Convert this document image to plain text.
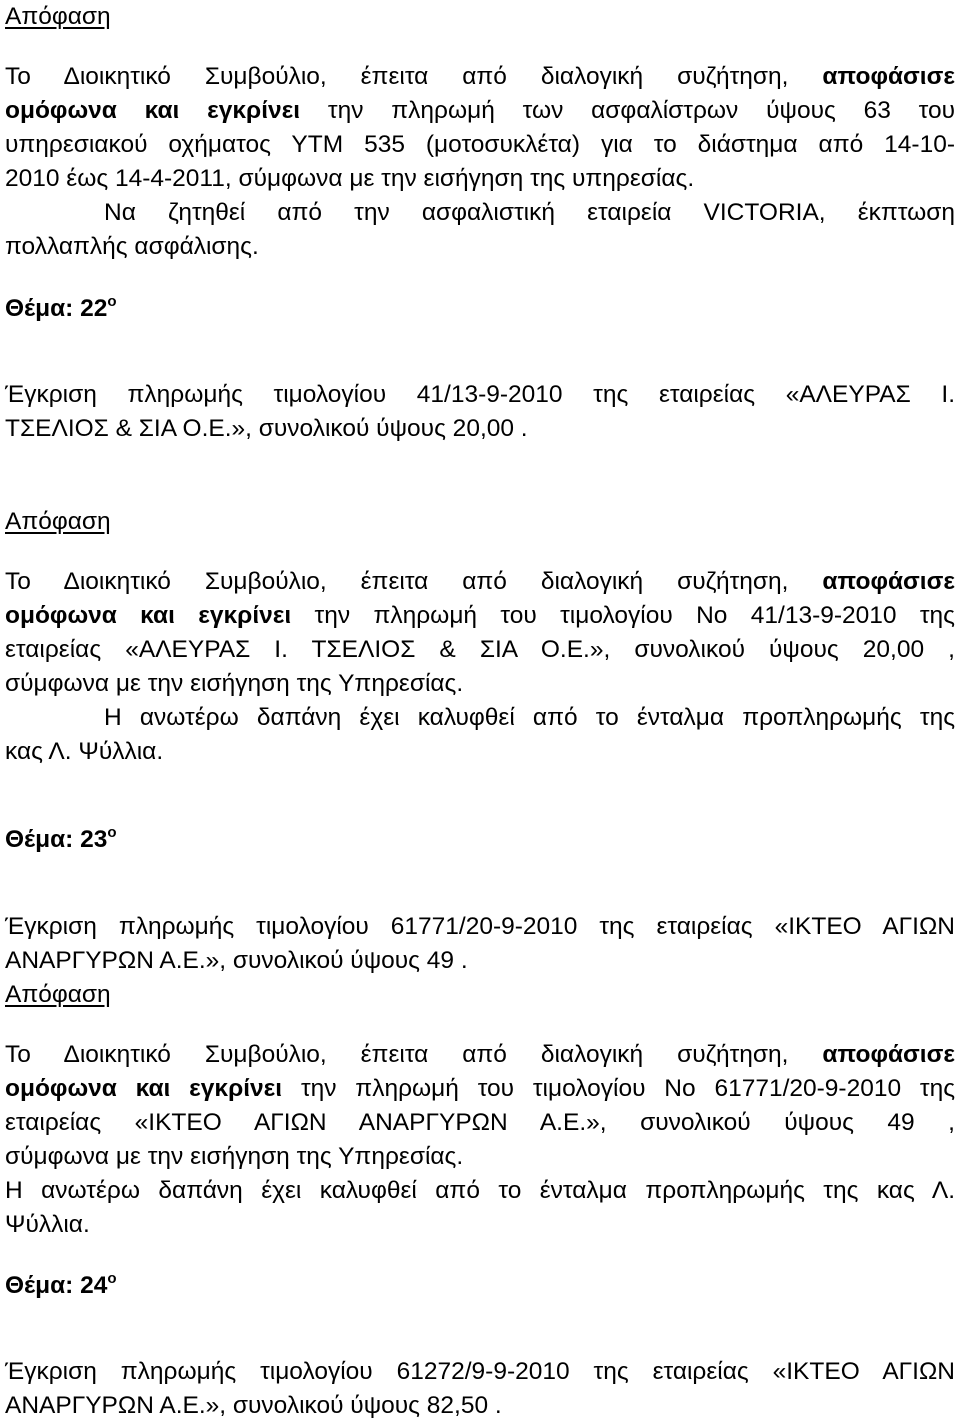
Απόφαση
Το Διοικητικό Συμβούλιο, έπειτα από διαλογική συζήτηση, αποφάσισε
ομόφωνα και εγκρίνει την πληρωμή των ασφαλίστρων ύψους 63 του
υπηρεσιακού οχήματος ΥΤΜ 535 (μοτοσυκλέτα) για το διάστημα από 14-10-
2010 έως 14-4-2011, σύμφωνα με την εισήγηση της υπηρεσίας.
Να ζητηθεί από την ασφαλιστική εταιρεία VICTORIA, έκπτωση
πολλαπλής ασφάλισης.
Θέμα: $22^o$
Έγκριση πληρωμής τιμολογίου 41/13-9-2010 της εταιρείας «ΑΛΕΥΡΑΣ Ι.
ΤΣΕΛΙΟΣ & ΣΙΑ Ο.Ε.», συνολικού ύψους 20,00 .
Απόφαση
Το Διοικητικό Συμβούλιο, έπειτα από διαλογική συζήτηση, αποφάσισε
ομόφωνα και εγκρίνει την πληρωμή του τιμολογίου Νο 41/13-9-2010 της
εταιρείας «ΑΛΕΥΡΑΣ Ι. ΤΣΕΛΙΟΣ & ΣΙΑ Ο.Ε.», συνολικού ύψους 20,00 ,
σύμφωνα με την εισήγηση της Υπηρεσίας.
Η ανωτέρω δαπάνη έχει καλυφθεί από το ένταλμα προπληρωμής της
κας Λ. Ψύλλια.
Θέμα: $23^o$
Έγκριση πληρωμής τιμολογίου 61771/20-9-2010 της εταιρείας «ΙΚΤΕΟ ΑΓΙΩΝ
ΑΝΑΡΓΥΡΩΝ Α.Ε.», συνολικού ύψους 49 .
Απόφαση
Το Διοικητικό Συμβούλιο, έπειτα από διαλογική συζήτηση, αποφάσισε
ομόφωνα και εγκρίνει την πληρωμή του τιμολογίου Νο 61771/20-9-2010 της
εταιρείας «ΙΚΤΕΟ ΑΓΙΩΝ ΑΝΑΡΓΥΡΩΝ Α.Ε.», συνολικού ύψους 49 ,
σύμφωνα με την εισήγηση της Υπηρεσίας.
Η ανωτέρω δαπάνη έχει καλυφθεί από το ένταλμα προπληρωμής της κας Λ.
Ψύλλια.
Θέμα: $24^o$
Έγκριση πληρωμής τιμολογίου 61272/9-9-2010 της εταιρείας «ΙΚΤΕΟ ΑΓΙΩΝ
ΑΝΑΡΓΥΡΩΝ Α.Ε.», συνολικού ύψους 82,50 .
